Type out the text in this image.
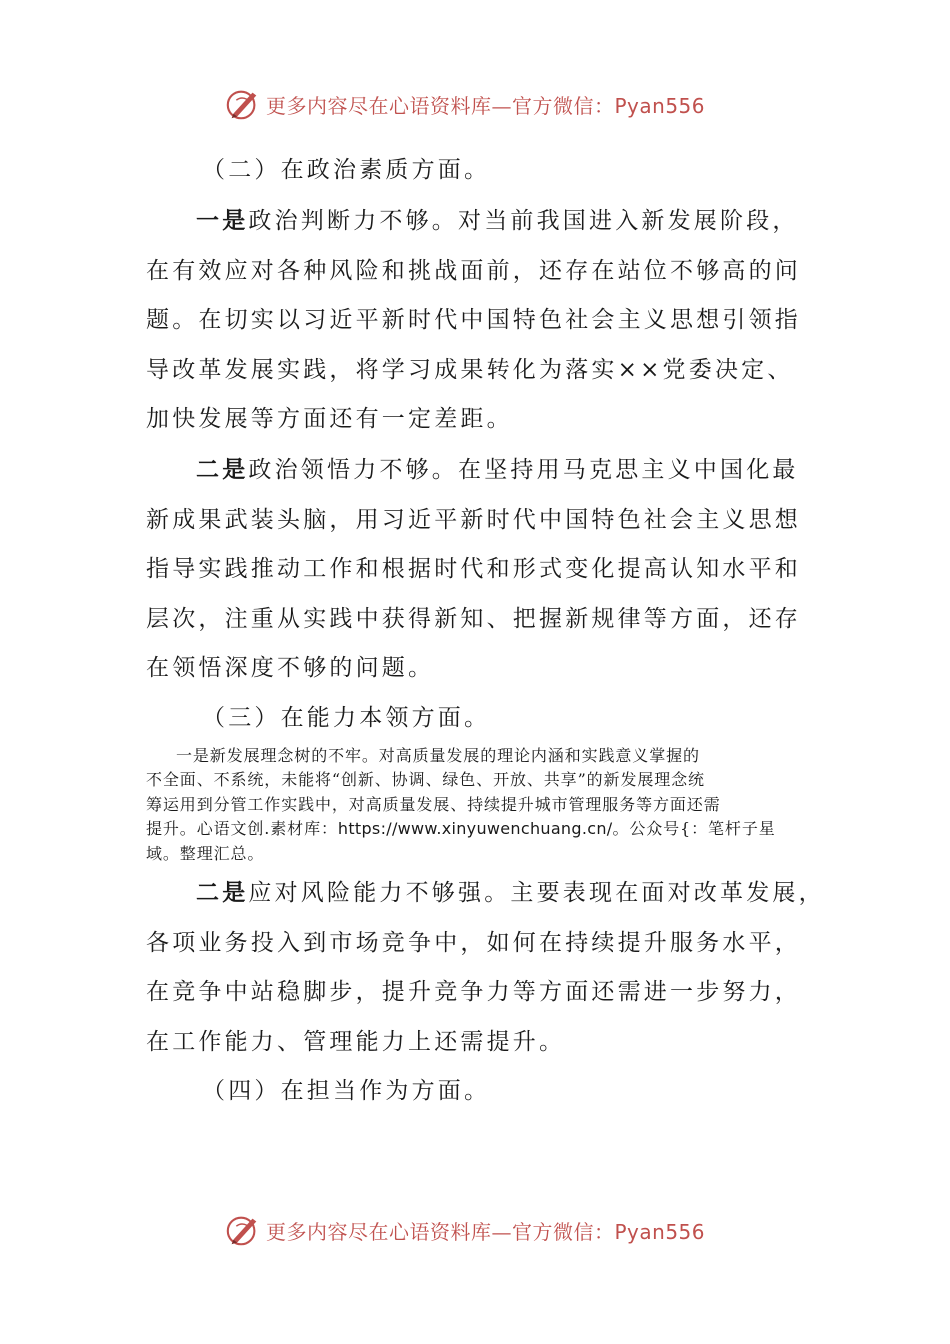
更多内容尽在心语资料库—官方微信：Pyan556

（二）在政治素质方面。

一是政治判断力不够。对当前我国进入新发展阶段，
在有效应对各种风险和挑战面前，还存在站位不够高的问
题。在切实以习近平新时代中国特色社会主义思想引领指
导改革发展实践，将学习成果转化为落实××党委决定、
加快发展等方面还有一定差距。
二是政治领悟力不够。在坚持用马克思主义中国化最
新成果武装头脑，用习近平新时代中国特色社会主义思想
指导实践推动工作和根据时代和形式变化提高认知水平和
层次，注重从实践中获得新知、把握新规律等方面，还存
在领悟深度不够的问题。

（三）在能力本领方面。

一是新发展理念树的不牢。对高质量发展的理论内涵和实践意义掌握的
不全面、不系统，未能将“创新、协调、绿色、开放、共享”的新发展理念统
筹运用到分管工作实践中，对高质量发展、持续提升城市管理服务等方面还需
提升。心语文创.素材库：https://www.xinyuwenchuang.cn/。公众号{：笔杆子星
域。整理汇总。
二是应对风险能力不够强。主要表现在面对改革发展，
各项业务投入到市场竞争中，如何在持续提升服务水平，
在竞争中站稳脚步，提升竞争力等方面还需进一步努力，
在工作能力、管理能力上还需提升。

（四）在担当作为方面。

更多内容尽在心语资料库—官方微信：Pyan556
